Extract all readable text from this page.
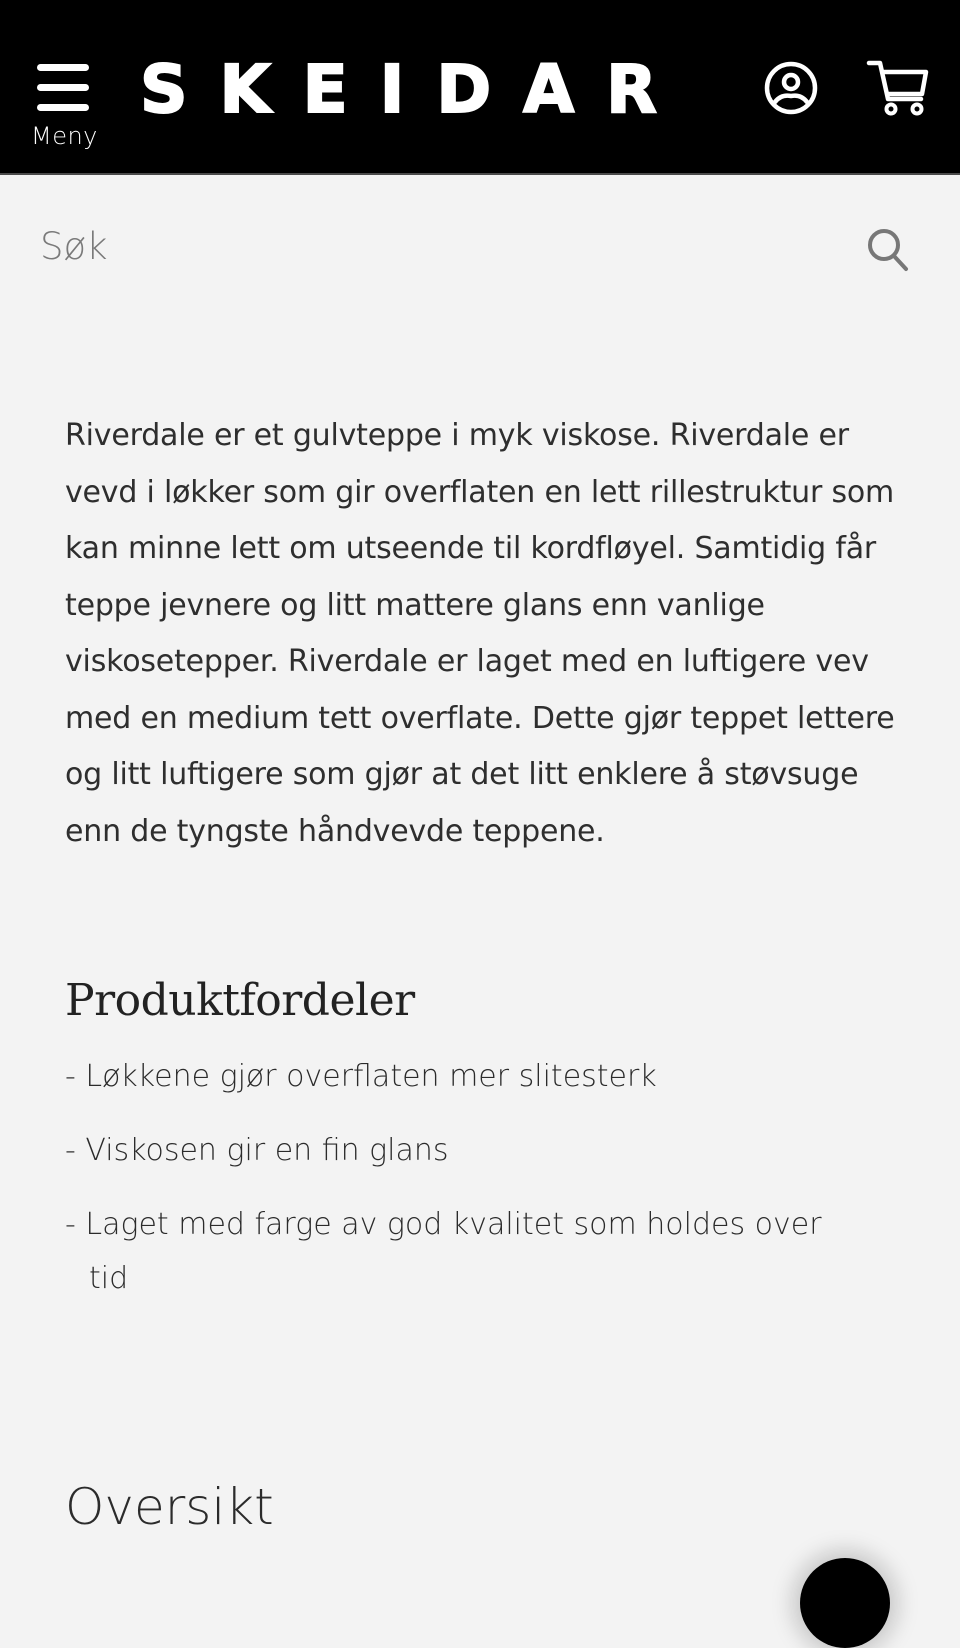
Meny
SKEIDAR
Søk

Riverdale er et gulvteppe i myk viskose. Riverdale er vevd i løkker som gir overflaten en lett rillestruktur som kan minne lett om utseende til kordfløyel. Samtidig får teppe jevnere og litt mattere glans enn vanlige viskosetepper. Riverdale er laget med en luftigere vev med en medium tett overflate. Dette gjør teppet lettere og litt luftigere som gjør at det litt enklere å støvsuge enn de tyngste håndvevde teppene.

Produktfordeler
- Løkkene gjør overflaten mer slitesterk
- Viskosen gir en fin glans
- Laget med farge av god kvalitet som holdes over tid
Oversikt
